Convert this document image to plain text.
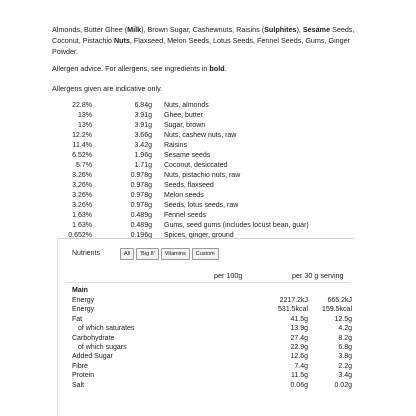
Almonds, Butter Ghee (Milk), Brown Sugar, Cashewnuts, Raisins (Sulphites), Sesame Seeds, Coconut, Pistachio Nuts, Flaxseed, Melon Seeds, Lotus Seeds, Fennel Seeds, Gums, Ginger Powder.
Allergen advice. For allergens, see ingredients in bold.
Allergens given are indicative only.
22.8%	6.84g Nuts, almonds
13%	3.91g Ghee, butter
13%	3.91g Sugar, brown
12.2%	3.66g Nuts, cashew nuts, raw
11.4%	3.42g Raisins
6.52%	1.96g Sesame seeds
5.7%	1.71g Coconut, desiccated
3.26%	0.978g Nuts, pistachio nuts, raw
3.26%	0.978g Seeds, flaxseed
3.26%	0.978g Melon seeds
3.26%	0.978g Seeds, lotus seeds, raw
1.63%	0.489g Fennel seeds
1.63%	0.489g Gums, seed gums (includes locust bean, guar)
0.652%	0.196g Spices, ginger, ground
Nutrients	All	'Big 8'	Vitamins	Custom
per 100g	per 30 g serving
Main
Energy	2217.2kJ	665.2kJ
Energy	531.5kcal 159.5kcal
Fat	41.5g	12.5g
of which saturates	13.9g	4.2g
Carbohydrate	27.4g	8.2g
of which sugars	22.9g	6.8g
Added Sugar	12.6g	3.8g
Fibre	7.4g	2.2g
Protein	11.5g	3.4g
Salt	0.06g	0.02g
